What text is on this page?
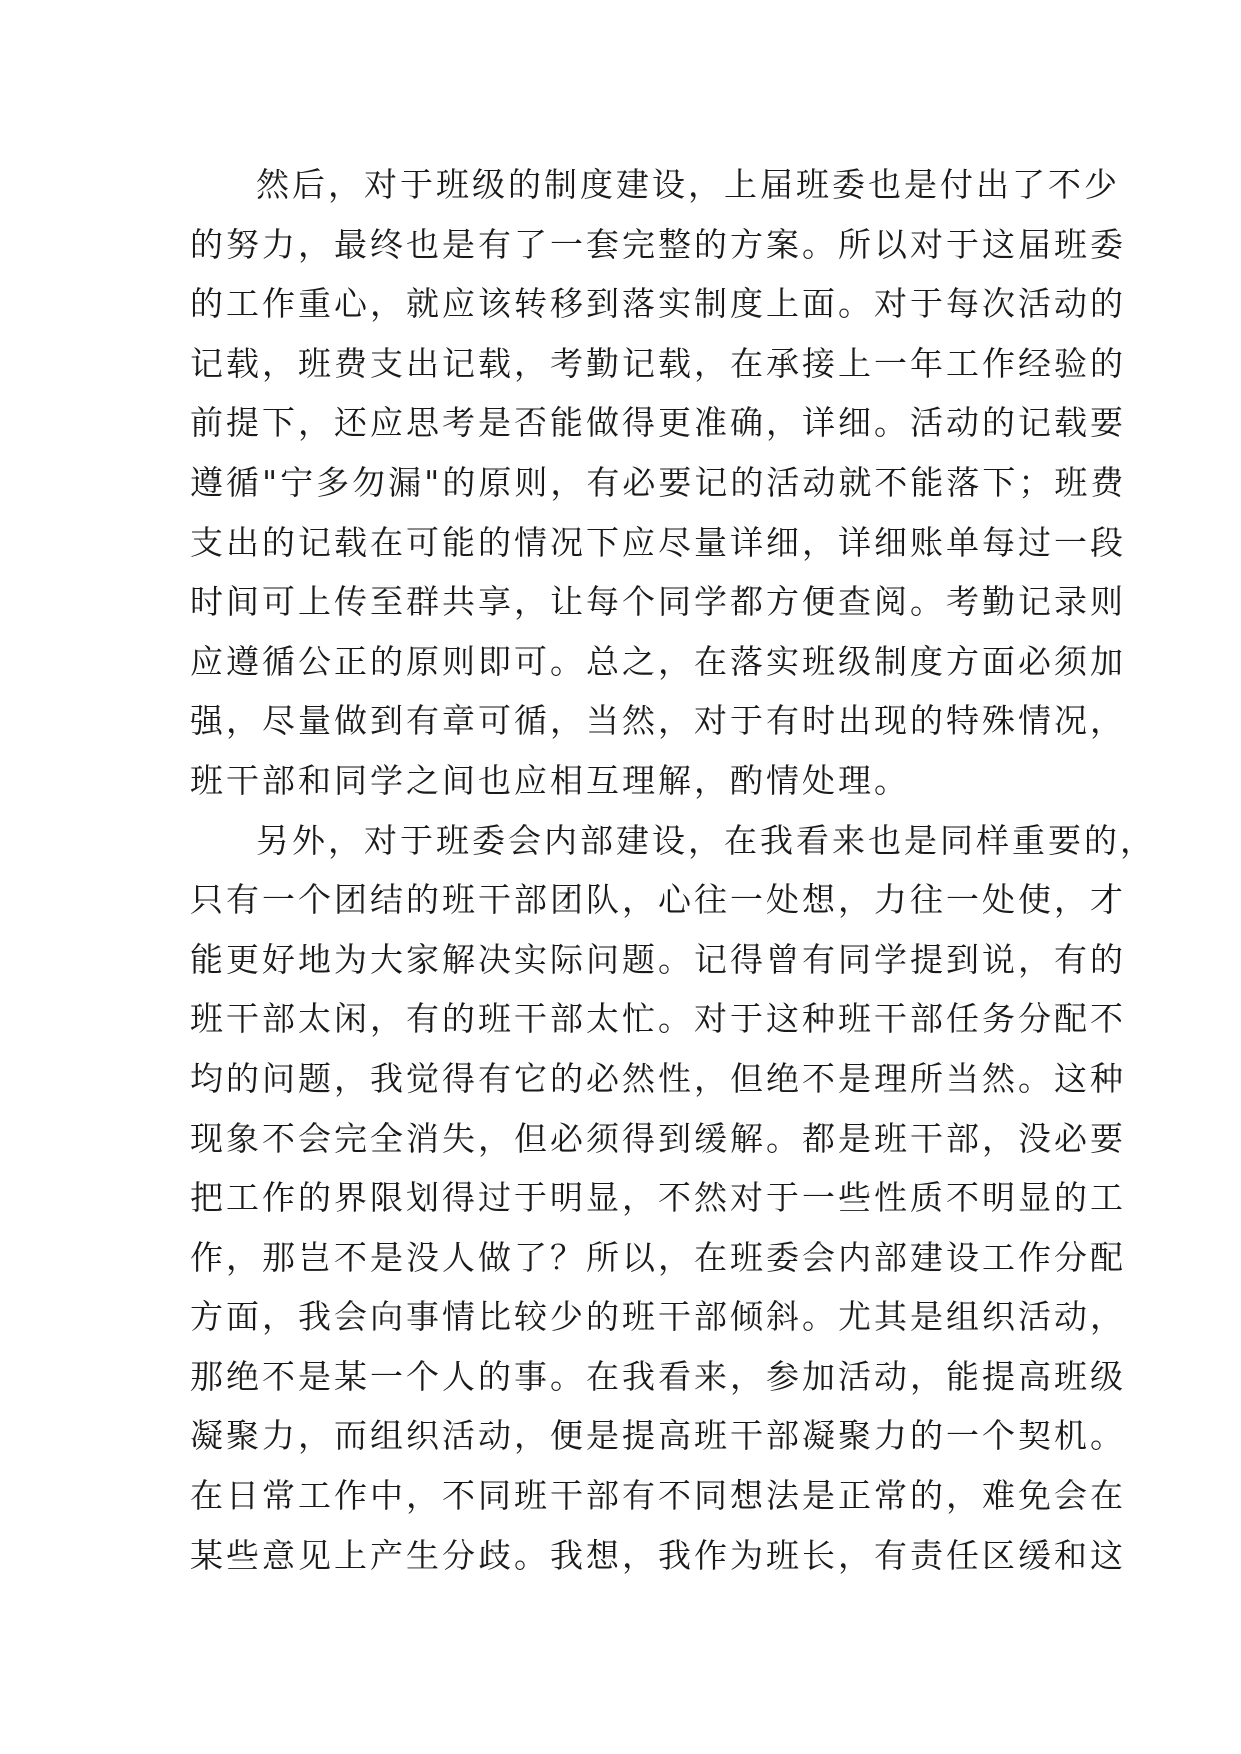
然后，对于班级的制度建设，上届班委也是付出了不少
的努力，最终也是有了一套完整的方案。所以对于这届班委
的工作重心，就应该转移到落实制度上面。对于每次活动的
记载，班费支出记载，考勤记载，在承接上一年工作经验的
前提下，还应思考是否能做得更准确，详细。活动的记载要
遵循"宁多勿漏"的原则，有必要记的活动就不能落下；班费
支出的记载在可能的情况下应尽量详细，详细账单每过一段
时间可上传至群共享，让每个同学都方便查阅。考勤记录则
应遵循公正的原则即可。总之，在落实班级制度方面必须加
强，尽量做到有章可循，当然，对于有时出现的特殊情况，
班干部和同学之间也应相互理解，酌情处理。
另外，对于班委会内部建设，在我看来也是同样重要的，
只有一个团结的班干部团队，心往一处想，力往一处使，才
能更好地为大家解决实际问题。记得曾有同学提到说，有的
班干部太闲，有的班干部太忙。对于这种班干部任务分配不
均的问题，我觉得有它的必然性，但绝不是理所当然。这种
现象不会完全消失，但必须得到缓解。都是班干部，没必要
把工作的界限划得过于明显，不然对于一些性质不明显的工
作，那岂不是没人做了？所以，在班委会内部建设工作分配
方面，我会向事情比较少的班干部倾斜。尤其是组织活动，
那绝不是某一个人的事。在我看来，参加活动，能提高班级
凝聚力，而组织活动，便是提高班干部凝聚力的一个契机。
在日常工作中，不同班干部有不同想法是正常的，难免会在
某些意见上产生分歧。我想，我作为班长，有责任区缓和这
